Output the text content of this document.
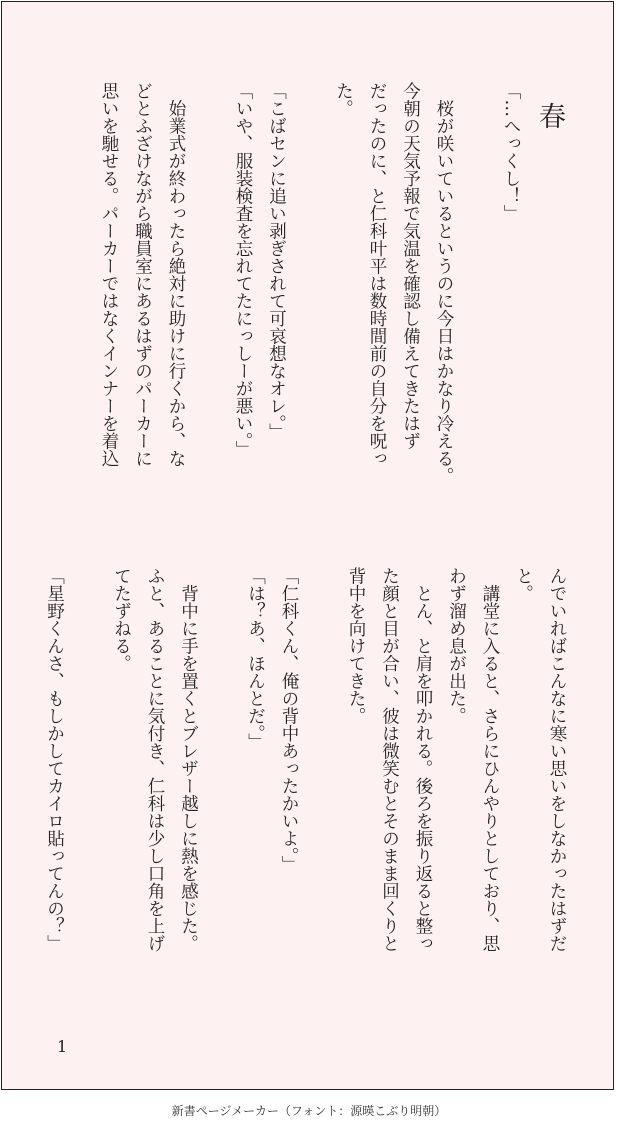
春
「…へっくし！」

　桜が咲いているというのに今日はかなり冷える。
今朝の天気予報で気温を確認し備えてきたはず
だったのに、と仁科叶平は数時間前の自分を呪っ
た。

「こばセンに追い剥ぎされて可哀想なオレ。」
「いや、服装検査を忘れてたにっしーが悪い。」

　始業式が終わったら絶対に助けに行くから、な
どとふざけながら職員室にあるはずのパーカーに
思いを馳せる。パーカーではなくインナーを着込
んでいればこんなに寒い思いをしなかったはずだ
と。
　講堂に入ると、さらにひんやりとしており、思
わず溜め息が出た。
　とん、と肩を叩かれる。後ろを振り返ると整っ
た顔と目が合い、彼は微笑むとそのまま回くりと
背中を向けてきた。

「仁科くん、俺の背中あったかいよ。」
「は？あ、ほんとだ。」

　背中に手を置くとブレザー越しに熱を感じた。
ふと、あることに気付き、仁科は少し口角を上げ
てたずねる。

「星野くんさ、もしかしてカイロ貼ってんの？」
1
新書ページメーカー（フォント：源暎こぶり明朝）
